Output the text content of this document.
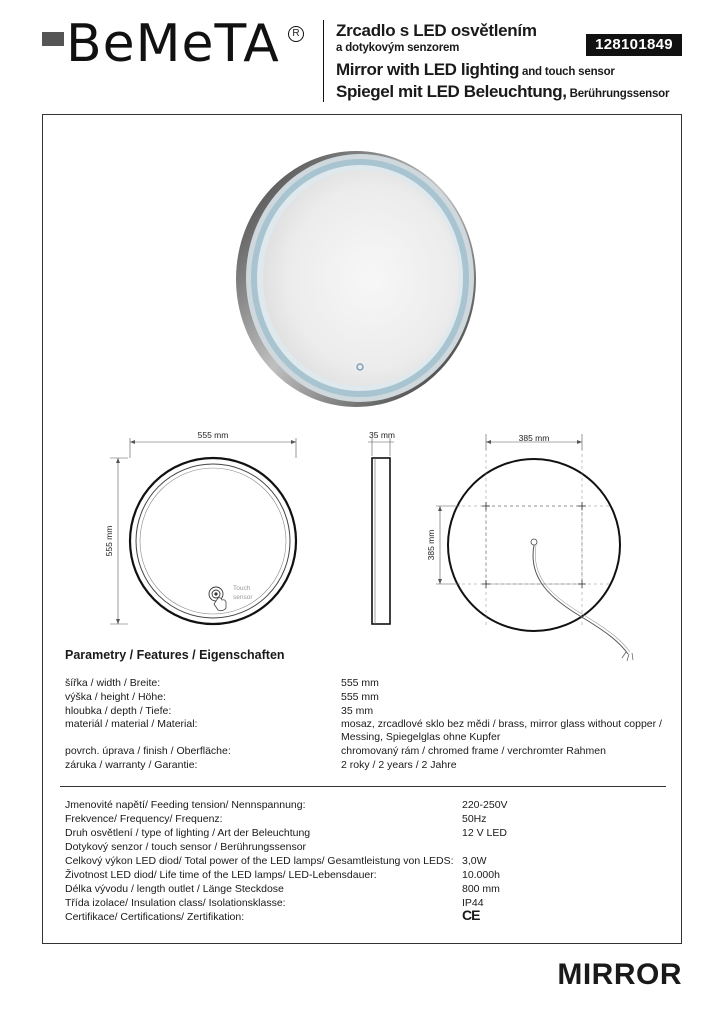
BeMeTA	R Zrcadlo s LED osvětlením
a dotykovým senzorem
Mirror with LED lighting and touch sensor
Spiegel mit LED Beleuchtung, Berührungssensor
128101849
555 mm
555 mm
Touch
sensor
35 mm	385 mm
385 mm
Parametry / Features / Eigenschaften
šířka / width / Breite:	555 mm
výška / height / Höhe:	555 mm
hloubka / depth / Tiefe:	35 mm
materiál / material / Material:	mosaz, zrcadlové sklo bez mědi / brass, mirror glass without copper /
Messing, Spiegelglas ohne Kupfer
povrch. úprava / finish / Oberfläche:	chromovaný rám / chromed frame / verchromter Rahmen
záruka / warranty / Garantie:	2 roky / 2 years / 2 Jahre
Jmenovité napětí/ Feeding tension/ Nennspannung:	220-250V
Frekvence/ Frequency/ Frequenz:	50Hz
Druh osvětlení / type of lighting / Art der Beleuchtung	12 V LED
Dotykový senzor / touch sensor / Berührungssensor
Celkový výkon LED diod/ Total power of the LED lamps/ Gesamtleistung von LEDS: 3,0W
Životnost LED diod/ Life time of the LED lamps/ LED-Lebensdauer:	10.000h
Délka vývodu / length outlet / Länge Steckdose	800 mm
Třída izolace/ Insulation class/ Isolationsklasse:	IP44
Certifikace/ Certifications/ Zertifikation:	CE
MIRROR
